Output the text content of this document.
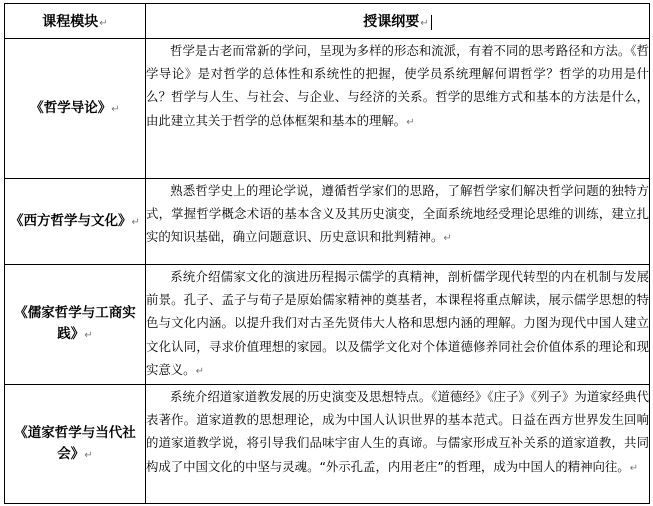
课程模块↵	授课纲要↵
《哲学导论》↵	哲学是古老而常新的学问，呈现为多样的形态和流派，有着不同的思考路径和方法。《哲学导论》是对哲学的总体性和系统性的把握，使学员系统理解何谓哲学？哲学的功用是什么？哲学与人生、与社会、与企业、与经济的关系。哲学的思维方式和基本的方法是什么，由此建立其关于哲学的总体框架和基本的理解。↵
《西方哲学与文化》↵	熟悉哲学史上的理论学说，遵循哲学家们的思路，了解哲学家们解决哲学问题的独特方式，掌握哲学概念术语的基本含义及其历史演变，全面系统地经受理论思维的训练，建立扎实的知识基础，确立问题意识、历史意识和批判精神。↵
《儒家哲学与工商实践》↵	系统介绍儒家文化的演进历程揭示儒学的真精神，剖析儒学现代转型的内在机制与发展前景。孔子、孟子与荀子是原始儒家精神的奠基者，本课程将重点解读，展示儒学思想的特色与文化内涵。以提升我们对古圣先贤伟大人格和思想内涵的理解。力图为现代中国人建立文化认同，寻求价值理想的家园。以及儒学文化对个体道德修养同社会价值体系的理论和现实意义。↵
《道家哲学与当代社会》↵	系统介绍道家道教发展的历史演变及思想特点。《道德经》《庄子》《列子》为道家经典代表著作。道家道教的思想理论，成为中国人认识世界的基本范式。日益在西方世界发生回响的道家道教学说，将引导我们品味宇宙人生的真谛。与儒家形成互补关系的道家道教，共同构成了中国文化的中坚与灵魂。“外示孔孟，内用老庄”的哲理，成为中国人的精神向往。↵
